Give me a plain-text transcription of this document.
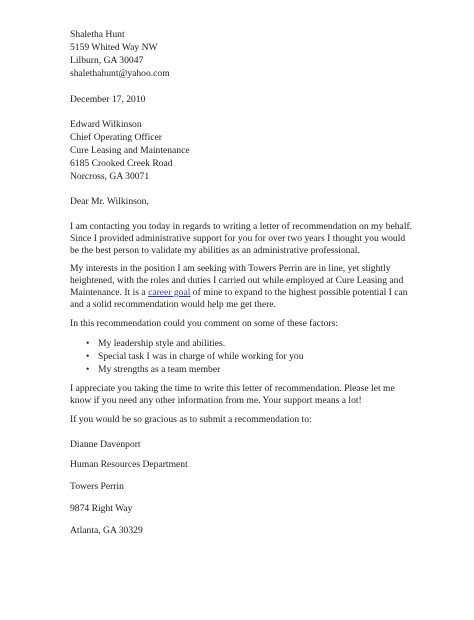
Shaletha Hunt
5159 Whited Way NW
Lilburn, GA 30047
shalethahunt@yahoo.com
December 17, 2010
Edward Wilkinson
Chief Operating Officer
Cure Leasing and Maintenance
6185 Crooked Creek Road
Norcross, GA 30071
Dear Mr. Wilkinson,
I am contacting you today in regards to writing a letter of recommendation on my behalf.
Since I provided administrative support for you for over two years I thought you would
be the best person to validate my abilities as an administrative professional.
My interests in the position I am seeking with Towers Perrin are in line, yet slightly
heightened, with the roles and duties I carried out while employed at Cure Leasing and
Maintenance. It is a career goal of mine to expand to the highest possible potential I can
and a solid recommendation would help me get there.
In this recommendation could you comment on some of these factors:
• My leadership style and abilities.
• Special task I was in charge of while working for you
• My strengths as a team member
I appreciate you taking the time to write this letter of recommendation. Please let me
know if you need any other information from me. Your support means a lot!
If you would be so gracious as to submit a recommendation to:
Dianne Davenport
Human Resources Department
Towers Perrin
9874 Right Way
Atlanta, GA 30329
